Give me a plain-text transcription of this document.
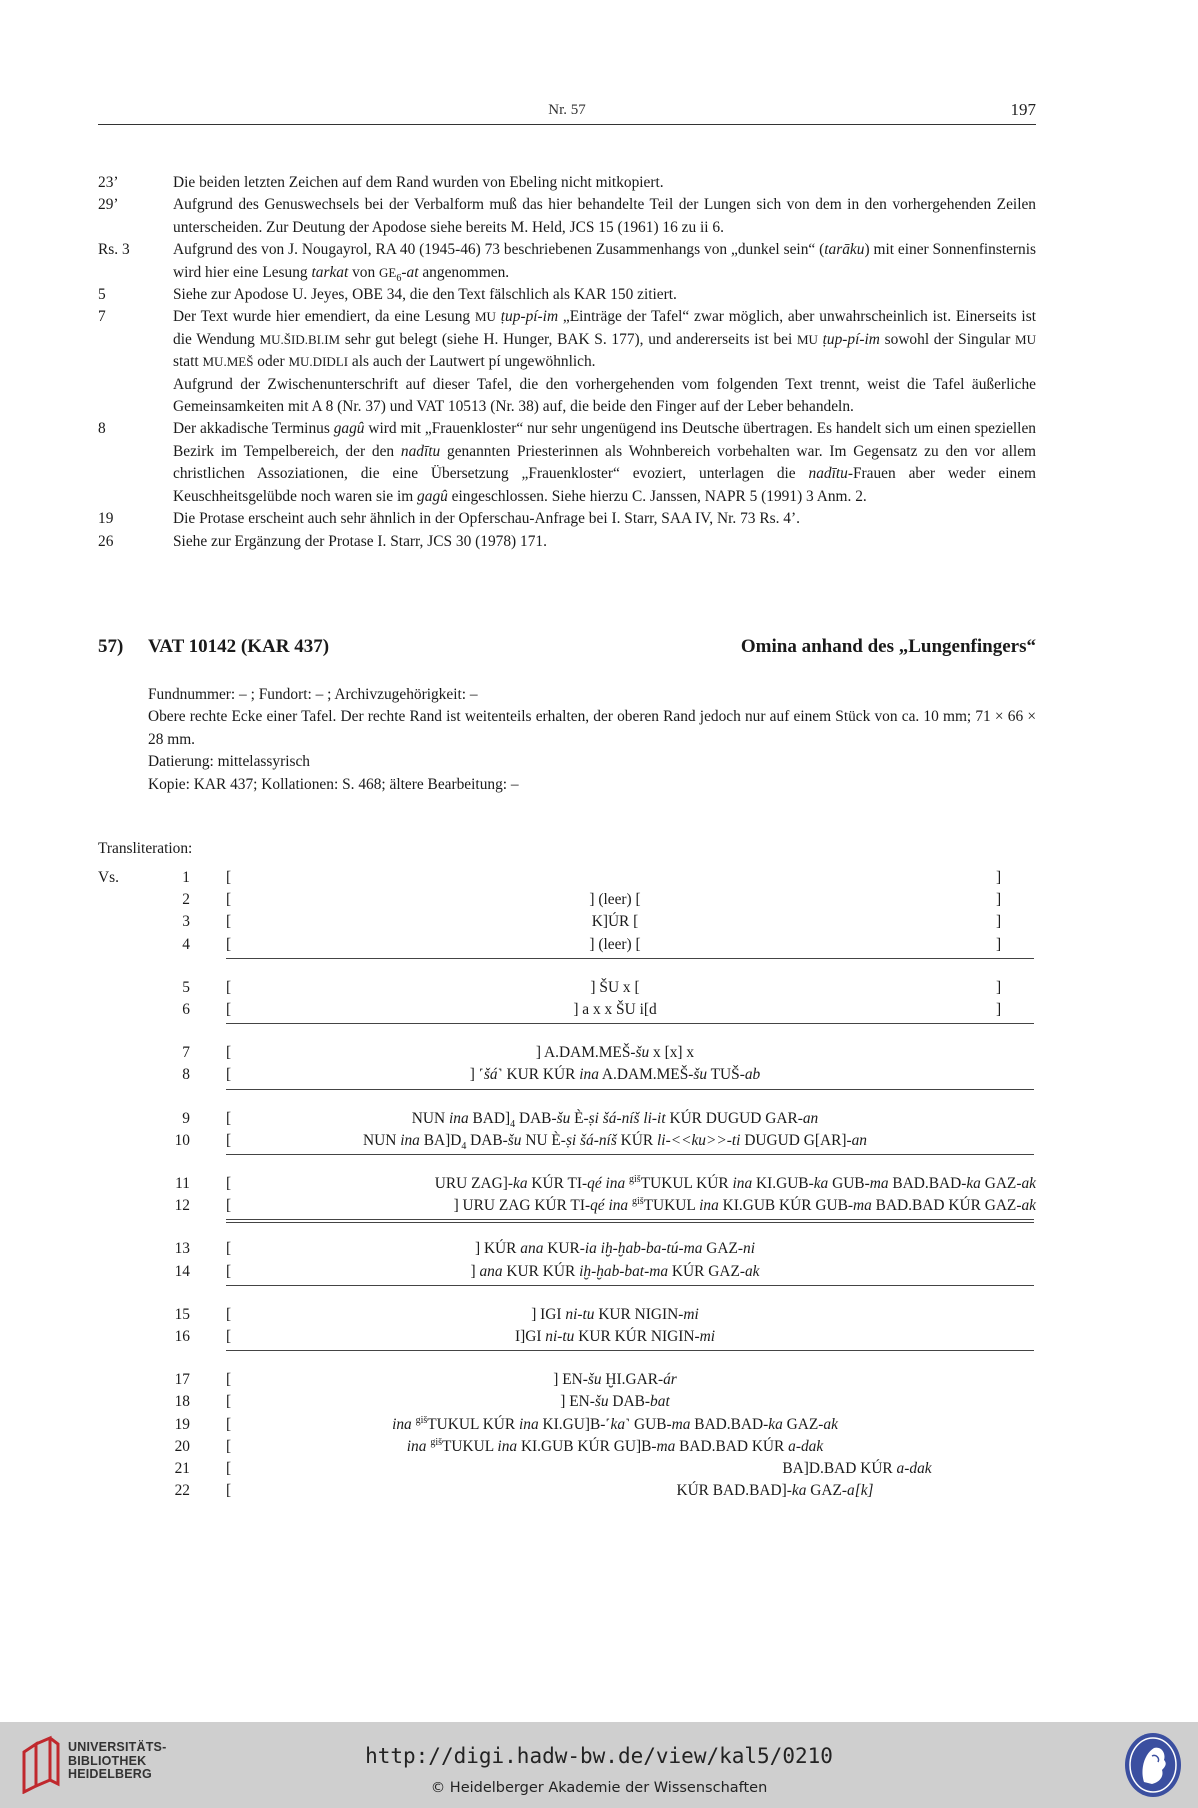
Nr. 57	197
23’	Die beiden letzten Zeichen auf dem Rand wurden von Ebeling nicht mitkopiert.

29’	Aufgrund des Genuswechsels bei der Verbalform muß das hier behandelte Teil der Lungen sich von dem in den vorhergehenden Zeilen unterscheiden. Zur Deutung der Apodose siehe bereits M. Held, JCS 15 (1961) 16 zu ii 6.

Rs. 3	Aufgrund des von J. Nougayrol, RA 40 (1945-46) 73 beschriebenen Zusammenhangs von „dunkel sein“ (tarāku) mit einer Sonnenfinsternis wird hier eine Lesung tarkat von $GE_6-at$ angenommen.

5	Siehe zur Apodose U. Jeyes, OBE 34, die den Text fälschlich als KAR 150 zitiert.

7	Der Text wurde hier emendiert, da eine Lesung MU ṭup-pí-im „Einträge der Tafel“ zwar möglich, aber unwahrscheinlich ist. Einerseits ist die Wendung MU.ŠID.BI.IM sehr gut belegt (siehe H. Hunger, BAK S. 177), und andererseits ist bei MU ṭup-pí-im sowohl der Singular MU statt MU.MEŠ oder MU.DIDLI als auch der Lautwert pí ungewöhnlich.

Aufgrund der Zwischenunterschrift auf dieser Tafel, die den vorhergehenden vom folgenden Text trennt, weist die Tafel äußerliche Gemeinsamkeiten mit A 8 (Nr. 37) und VAT 10513 (Nr. 38) auf, die beide den Finger auf der Leber behandeln.

8	Der akkadische Terminus gagû wird mit „Frauenkloster“ nur sehr ungenügend ins Deutsche übertragen. Es handelt sich um einen speziellen Bezirk im Tempelbereich, der den nadītu genannten Priesterinnen als Wohnbereich vorbehalten war. Im Gegensatz zu den vor allem christlichen Assoziationen, die eine Übersetzung „Frauenkloster“ evoziert, unterlagen die nadītu-Frauen aber weder einem Keuschheitsgelübde noch waren sie im gagû eingeschlossen. Siehe hierzu C. Janssen, NAPR 5 (1991) 3 Anm. 2.

19	Die Protase erscheint auch sehr ähnlich in der Opferschau-Anfrage bei I. Starr, SAA IV, Nr. 73 Rs. 4’.

26	Siehe zur Ergänzung der Protase I. Starr, JCS 30 (1978) 171.

57) VAT 10142 (KAR 437)	Omina anhand des „Lungenfingers“

Fundnummer: – ; Fundort: – ; Archivzugehörigkeit: –

Obere rechte Ecke einer Tafel. Der rechte Rand ist weitenteils erhalten, der oberen Rand jedoch nur auf einem Stück von ca. 10 mm; 71 × 66 × 28 mm.

Datierung: mittelassyrisch

Kopie: KAR 437; Kollationen: S. 468; ältere Bearbeitung: –

Transliteration:
Vs.	1 [	]
2 [	] (leer) [	]
3 [	K]ÚR [	]
4 [	] (leer) [	]
5 [	] ŠU x [	]
6 [	] a x x ŠU i[d	]
7 [	] A.DAM.MEŠ-šu x [x] x
8 [	] ˹šá˺ KUR KÚR ina A.DAM.MEŠ-šu TUŠ-ab
9 [	NUN ina $BAD]_4$ DAB-šu È-ṣi šá-níš li-it KÚR DUGUD GAR-an
10 [	NUN ina $BA]D_4$ DAB-šu NU È-ṣi šá-níš KÚR li-<<ku>>-ti DUGUD G[AR]-an
11 [	URU ZAG]-ka KÚR TI-qé ina $^{giš}$TUKUL KÚR ina KI.GUB-ka GUB-ma BAD.BAD-ka GAZ-ak
12 [	] URU ZAG KÚR TI-qé ina $^{giš}$TUKUL ina KI.GUB KÚR GUB-ma BAD.BAD KÚR GAZ-ak
13 [	] KÚR ana KUR-ia iḫ-ḫab-ba-tú-ma GAZ-ni
14 [	] ana KUR KÚR iḫ-ḫab-bat-ma KÚR GAZ-ak
15 [	] IGI ni-tu KUR NIGIN-mi
16 [	I]GI ni-tu KUR KÚR NIGIN-mi
17 [	] EN-šu ḪI.GAR-ár
18 [	] EN-šu DAB-bat
19 [	ina $^{giš}$TUKUL KÚR ina KI.GU]B-˹ka˺ GUB-ma BAD.BAD-ka GAZ-ak
20 [	ina $^{giš}$TUKUL ina KI.GUB KÚR GU]B-ma BAD.BAD KÚR a-dak
21 [	BA]D.BAD KÚR a-dak
22 [	KÚR BAD.BAD]-ka GAZ-a[k]
UNIVERSITÄTS-
BIBLIOTHEK
HEIDELBERG
http://digi.hadw-bw.de/view/kal5/0210
© Heidelberger Akademie der Wissenschaften
